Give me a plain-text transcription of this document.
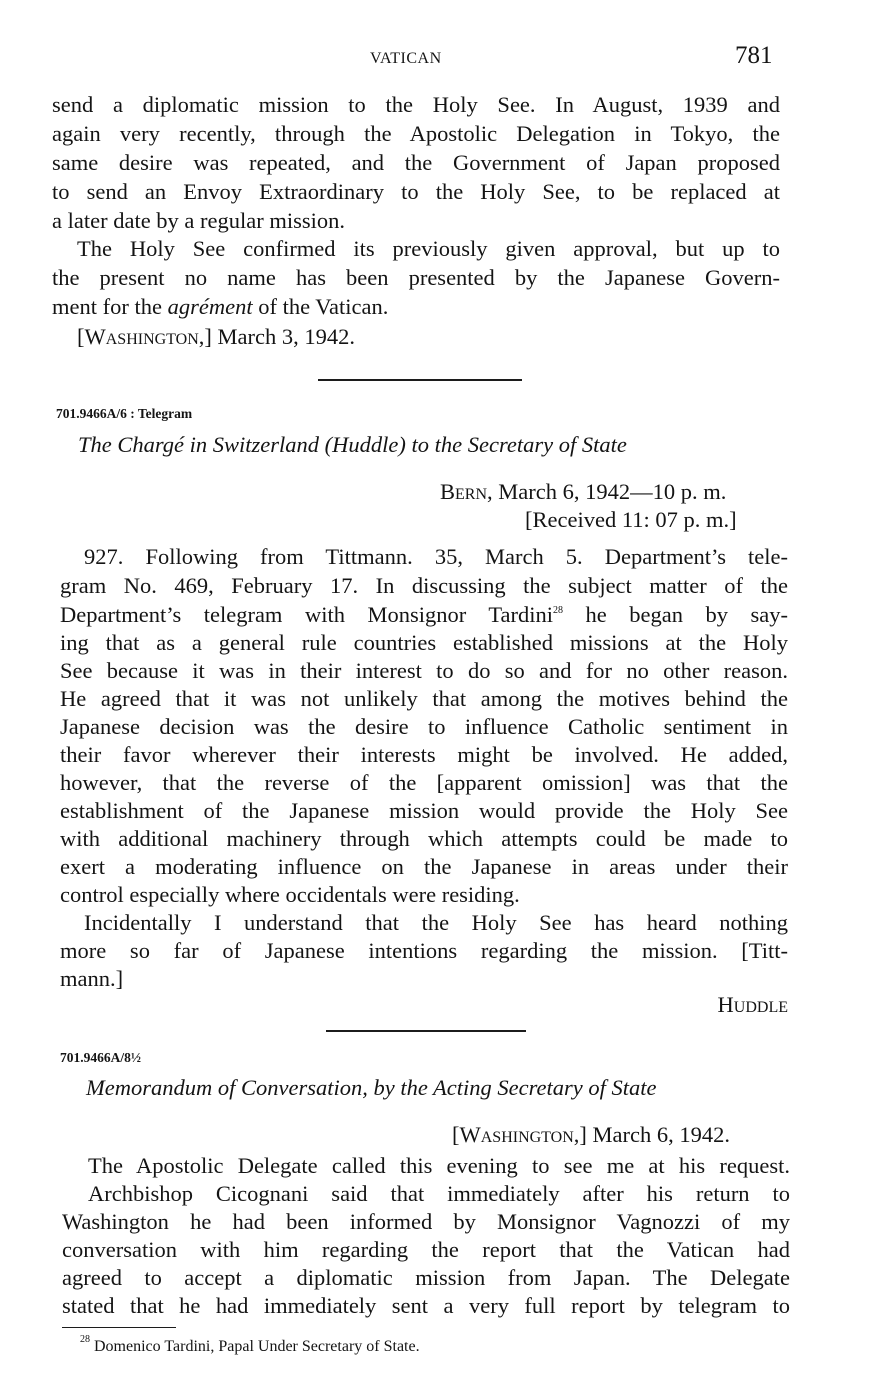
VATICAN	781
send a diplomatic mission to the Holy See. In August, 1939 and
again very recently, through the Apostolic Delegation in Tokyo, the
same desire was repeated, and the Government of Japan proposed
to send an Envoy Extraordinary to the Holy See, to be replaced at
a later date by a regular mission.
The Holy See confirmed its previously given approval, but up to
the present no name has been presented by the Japanese Govern-
ment for the agrément of the Vatican.
[Washington,] March 3, 1942.
701.9466A/6 : Telegram
The Chargé in Switzerland (Huddle) to the Secretary of State
Bern, March 6, 1942—10 p. m.
[Received 11: 07 p. m.]
927. Following from Tittmann. 35, March 5. Department’s tele-
gram No. 469, February 17. In discussing the subject matter of the
Department’s telegram with Monsignor Tardini$^{28}$ he began by say-
ing that as a general rule countries established missions at the Holy
See because it was in their interest to do so and for no other reason.
He agreed that it was not unlikely that among the motives behind the
Japanese decision was the desire to influence Catholic sentiment in
their favor wherever their interests might be involved. He added,
however, that the reverse of the [apparent omission] was that the
establishment of the Japanese mission would provide the Holy See
with additional machinery through which attempts could be made to
exert a moderating influence on the Japanese in areas under their
control especially where occidentals were residing.
Incidentally I understand that the Holy See has heard nothing
more so far of Japanese intentions regarding the mission. [Titt-
mann.]
Huddle
701.9466A/8½
Memorandum of Conversation, by the Acting Secretary of State
[Washington,] March 6, 1942.
The Apostolic Delegate called this evening to see me at his request.
Archbishop Cicognani said that immediately after his return to
Washington he had been informed by Monsignor Vagnozzi of my
conversation with him regarding the report that the Vatican had
agreed to accept a diplomatic mission from Japan. The Delegate
stated that he had immediately sent a very full report by telegram to
$^{28}$ Domenico Tardini, Papal Under Secretary of State.
